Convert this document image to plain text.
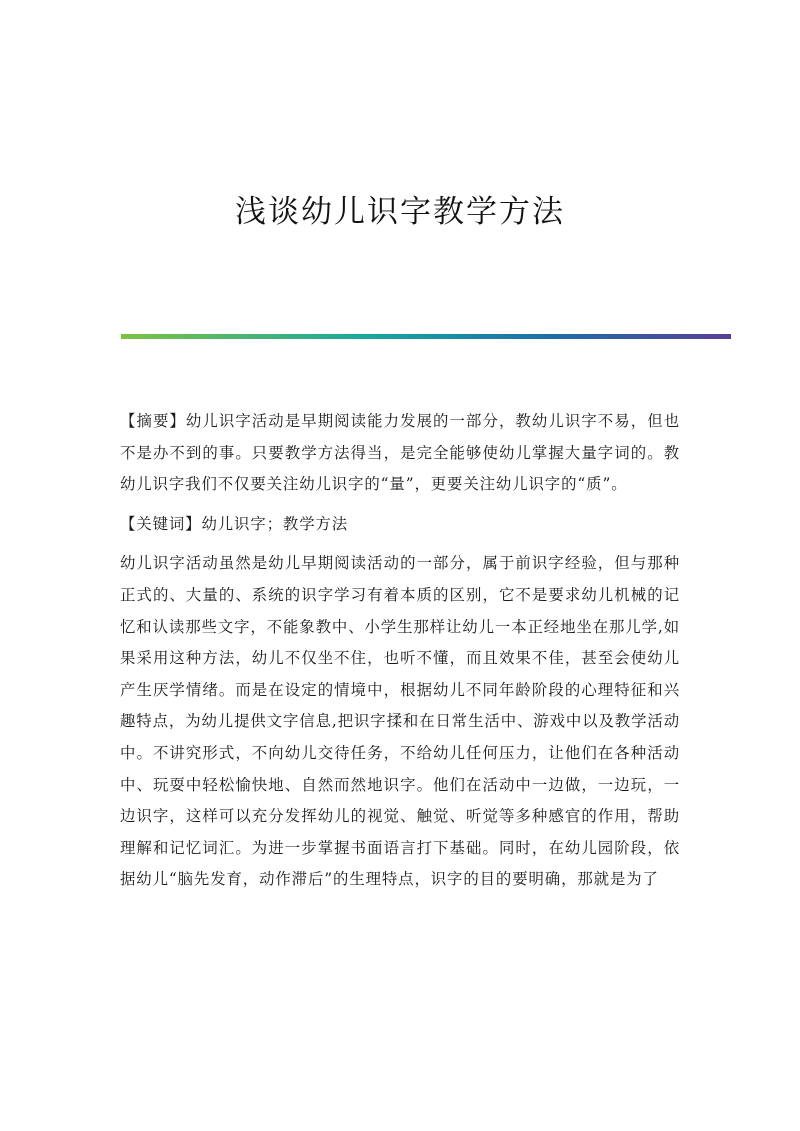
浅谈幼儿识字教学方法

【摘要】幼儿识字活动是早期阅读能力发展的一部分，教幼儿识字不易，但也不是办不到的事。只要教学方法得当，是完全能够使幼儿掌握大量字词的。教幼儿识字我们不仅要关注幼儿识字的“量”，更要关注幼儿识字的“质”。

【关键词】幼儿识字；教学方法

幼儿识字活动虽然是幼儿早期阅读活动的一部分，属于前识字经验，但与那种正式的、大量的、系统的识字学习有着本质的区别，它不是要求幼儿机械的记忆和认读那些文字，不能象教中、小学生那样让幼儿一本正经地坐在那儿学,如果采用这种方法，幼儿不仅坐不住，也听不懂，而且效果不佳，甚至会使幼儿产生厌学情绪。而是在设定的情境中，根据幼儿不同年龄阶段的心理特征和兴趣特点，为幼儿提供文字信息,把识字揉和在日常生活中、游戏中以及教学活动中。不讲究形式，不向幼儿交待任务，不给幼儿任何压力，让他们在各种活动中、玩耍中轻松愉快地、自然而然地识字。他们在活动中一边做，一边玩，一边识字，这样可以充分发挥幼儿的视觉、触觉、听觉等多种感官的作用，帮助理解和记忆词汇。为进一步掌握书面语言打下基础。同时，在幼儿园阶段，依据幼儿“脑先发育，动作滞后”的生理特点，识字的目的要明确，那就是为了
